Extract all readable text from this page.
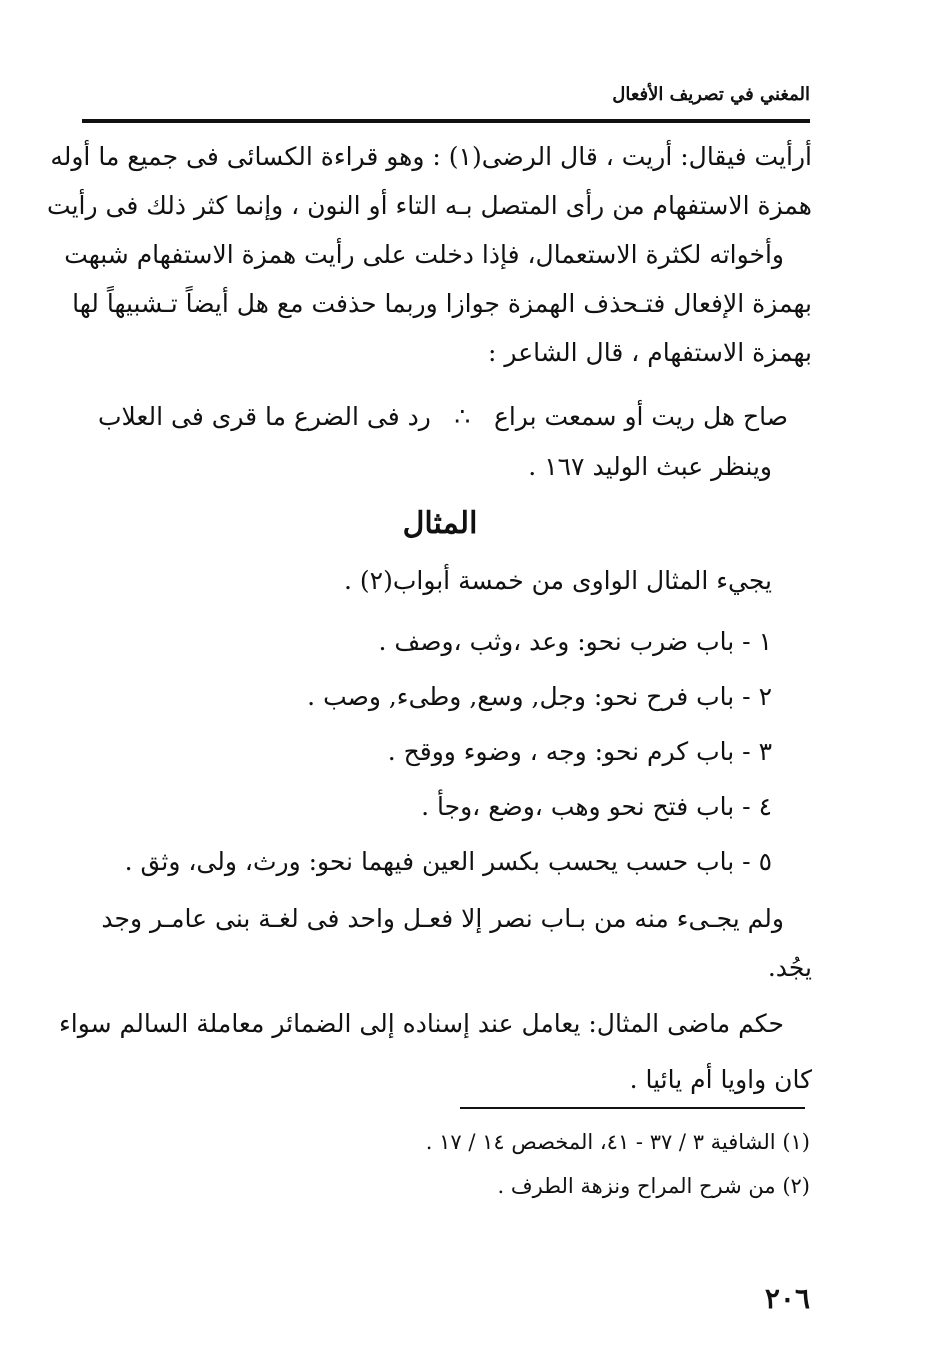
المغني في تصريف الأفعال
أرأيت فيقال: أريت ، قال الرضى(١) : وهو قراءة الكسائى فى جميع ما أوله
همزة الاستفهام من رأى المتصل بـه التاء أو النون ، وإنما كثر ذلك فى رأيت
وأخواته لكثرة الاستعمال، فإذا دخلت على رأيت همزة الاستفهام شبهت
بهمزة الإفعال فتـحذف الهمزة جوازا وربما حذفت مع هل أيضاً تـشبيهاً لها
بهمزة الاستفهام ، قال الشاعر :
صاح هل ريت أو سمعت براع
∴
رد فى الضرع ما قرى فى العلاب
وينظر عبث الوليد ١٦٧ .
المثال
يجيء المثال الواوى من خمسة أبواب(٢) .
١ - باب ضرب نحو: وعد ،وثب ،وصف .
٢ - باب فرح نحو: وجل, وسع, وطىء, وصب .
٣ - باب كرم نحو: وجه ، وضوء ووقح .
٤ - باب فتح نحو وهب ،وضع ،وجأ .
٥ - باب حسب يحسب بكسر العين فيهما نحو: ورث، ولى، وثق .
ولم يجـىء منه من بـاب نصر إلا فعـل واحد فى لغـة بنى عامـر وجد
يجُد.
حكم ماضى المثال: يعامل عند إسناده إلى الضمائر معاملة السالم سواء
كان واويا أم يائيا .
(١) الشافية ٣ / ٣٧ - ٤١، المخصص ١٤ / ١٧ .
(٢) من شرح المراح ونزهة الطرف .
٢٠٦
